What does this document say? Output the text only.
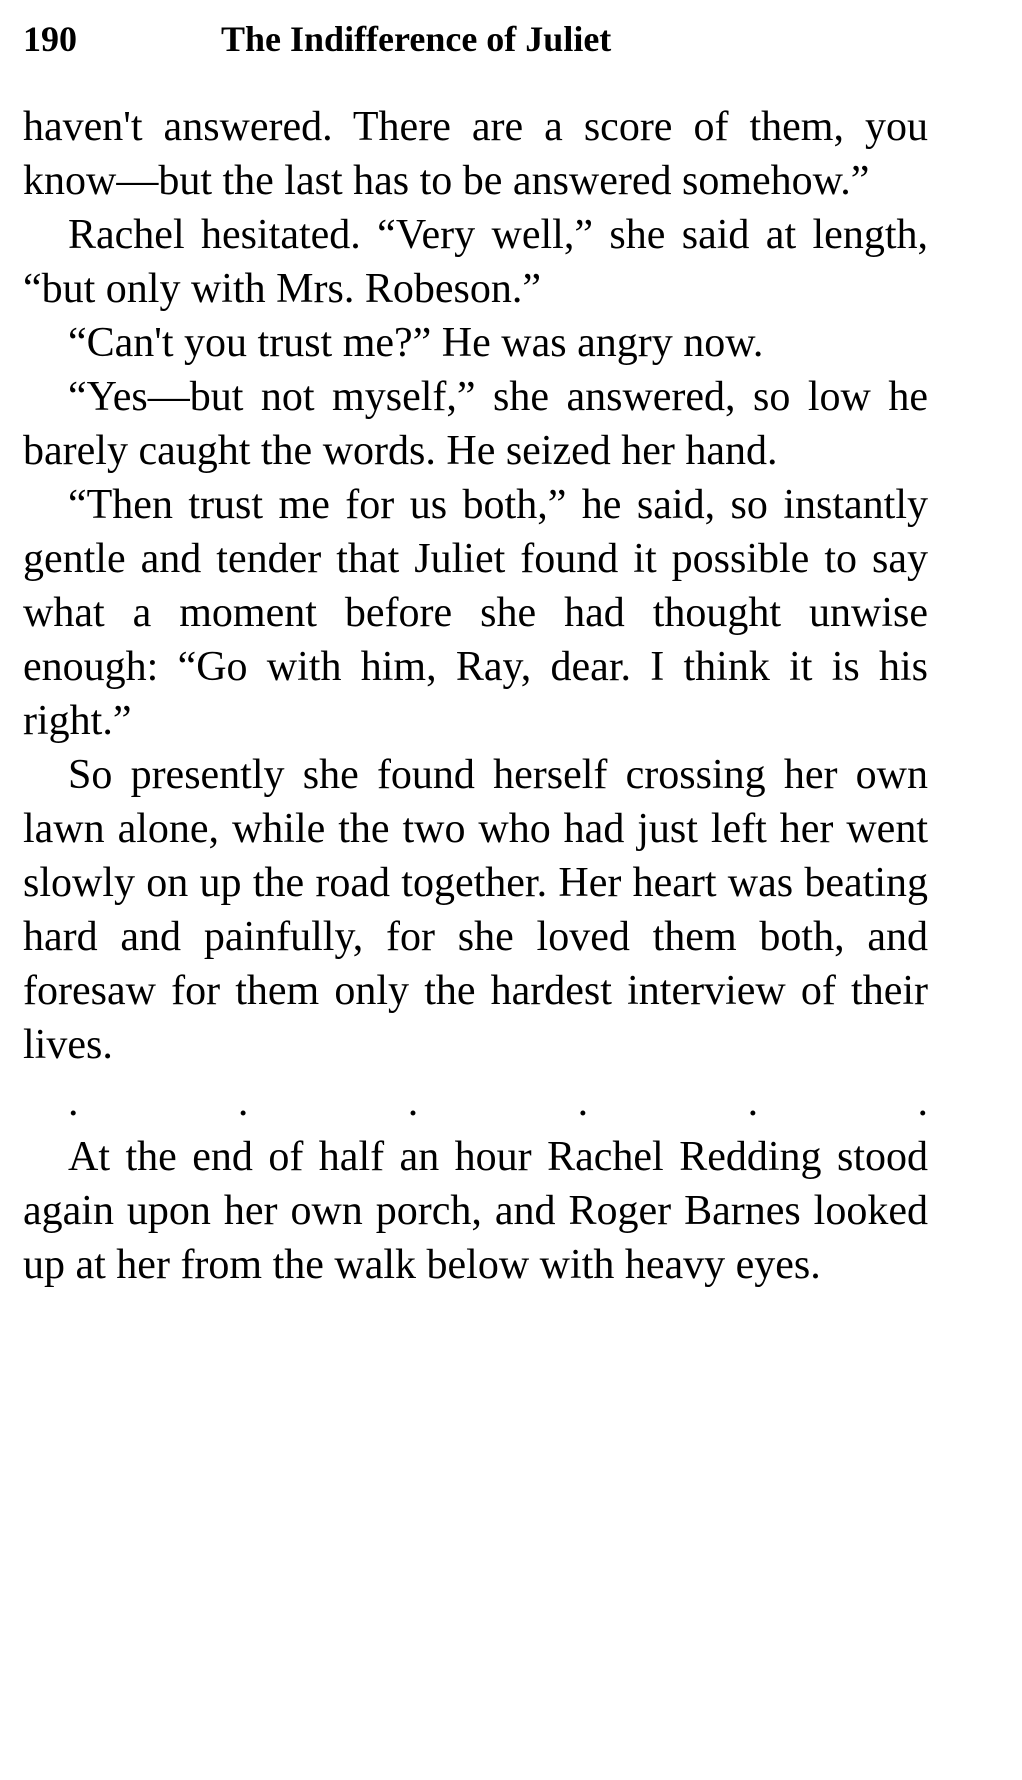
190	The Indifference of Juliet

haven't answered. There are a score of them, you know—but the last has to be answered somehow.”

Rachel hesitated. “Very well,” she said at length, “but only with Mrs. Robeson.”

“Can't you trust me?” He was angry now.

“Yes—but not myself,” she answered, so low he barely caught the words. He seized her hand.

“Then trust me for us both,” he said, so instantly gentle and tender that Juliet found it possible to say what a moment before she had thought unwise enough: “Go with him, Ray, dear. I think it is his right.”

So presently she found herself crossing her own lawn alone, while the two who had just left her went slowly on up the road together. Her heart was beating hard and painfully, for she loved them both, and foresaw for them only the hardest interview of their lives.

.	.	.	.	.	.

At the end of half an hour Rachel Redding stood again upon her own porch, and Roger Barnes looked up at her from the walk below with heavy eyes.
